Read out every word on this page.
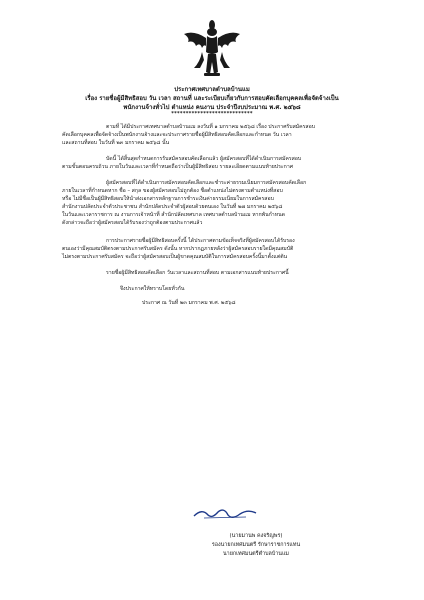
ประกาศเทศบาลตำบลบ้านแม
เรื่อง รายชื่อผู้มีสิทธิสอบ วัน เวลา สถานที่ และระเบียบเกี่ยวกับการสอบคัดเลือกบุคคลเพื่อจัดจ้างเป็น
พนักงานจ้างทั่วไป ตำแหน่ง คนงาน ประจำปีงบประมาณ พ.ศ. ๒๕๖๘
****************************
ตามที่ ได้มีประกาศเทศบาลตำบลบ้านแม ลงวันที่ ๑ มกราคม ๒๕๖๘ เรื่อง ประกาศรับสมัครสอบ
คัดเลือกบุคคลเพื่อจัดจ้างเป็นพนักงานจ้างและจะประกาศรายชื่อผู้มีสิทธิสอบคัดเลือกและกำหนด วัน เวลา
และสถานที่สอบ ในวันที่ ๒๓ มกราคม ๒๕๖๘ นั้น
บัดนี้ ได้สิ้นสุดกำหนดการรับสมัครสอบคัดเลือกแล้ว ผู้สมัครสอบที่ได้ดำเนินการสมัครสอบ
ตามขั้นตอนครบถ้วน ภายในวันและเวลาที่กำหนดถือว่าเป็นผู้มีสิทธิสอบ รายละเอียดตามแนบท้ายประกาศ
ผู้สมัครสอบที่ได้ดำเนินการสมัครสอบคัดเลือกและชำระค่าธรรมเนียมการสมัครสอบคัดเลือก
ภายในเวลาที่กำหนดหาก ชื่อ – สกุล ของผู้สมัครสอบไม่ถูกต้อง ชื่อตำแหน่งไม่ตรงตามตำแหน่งที่สอบ
หรือ ไม่มีชื่อเป็นผู้มีสิทธิสอบให้นำส่งเอกสารหลักฐานการชำระเงินค่าธรรมเนียมในการสมัครสอบ
สำนักงานปลัดประจำตัวประชาชน สำนักปลัดประจำตัวผู้สอบด้วยตนเอง ในวันที่ ๒๗ มกราคม ๒๕๖๘
ในวันและเวลาราชการ ณ งานการเจ้าหน้าที่ สำนักปลัดเทศบาล เทศบาลตำบลบ้านแม หากพ้นกำหนด
ดังกล่าวจะถือว่าผู้สมัครสอบได้รับรองว่าถูกต้องตามประกาศแล้ว
การประกาศรายชื่อผู้มีสิทธิสอบครั้งนี้ ได้ประกาศตามข้อเท็จจริงที่ผู้สมัครสอบได้รับรอง
ตนเองว่ามีคุณสมบัติตรงตามประกาศรับสมัคร ดังนั้น หากปรากฏภายหลังว่าผู้สมัครสอบรายใดมีคุณสมบัติ
ไม่ตรงตามประกาศรับสมัคร จะถือว่าผู้สมัครสอบเป็นผู้ขาดคุณสมบัติในการสมัครสอบครั้งนี้มาตั้งแต่ต้น
รายชื่อผู้มีสิทธิสอบคัดเลือก วันเวลาและสถานที่สอบ ตามเอกสารแนบท้ายประกาศนี้
จึงประกาศให้ทราบโดยทั่วกัน
ประกาศ ณ วันที่ ๒๓ มกราคม พ.ศ. ๒๕๖๘
(นายมานพ คงจริญพร)
รองนายกเทศมนตรี รักษาราชการแทน
นายกเทศมนตรีตำบลบ้านแม
